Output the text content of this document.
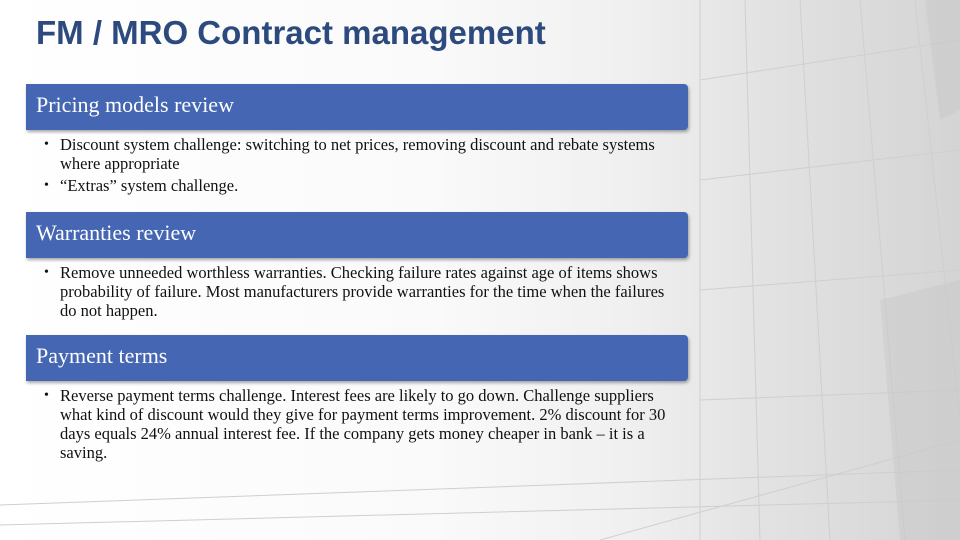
FM / MRO Contract management
Pricing models review
• Discount system challenge: switching to net prices, removing discount and rebate systems where appropriate
• “Extras” system challenge.
Warranties review
• Remove unneeded worthless warranties. Checking failure rates against age of items shows probability of failure. Most manufacturers provide warranties for the time when the failures do not happen.
Payment terms
• Reverse payment terms challenge. Interest fees are likely to go down. Challenge suppliers what kind of discount would they give for payment terms improvement. 2% discount for 30 days equals 24% annual interest fee. If the company gets money cheaper in bank – it is a saving.
